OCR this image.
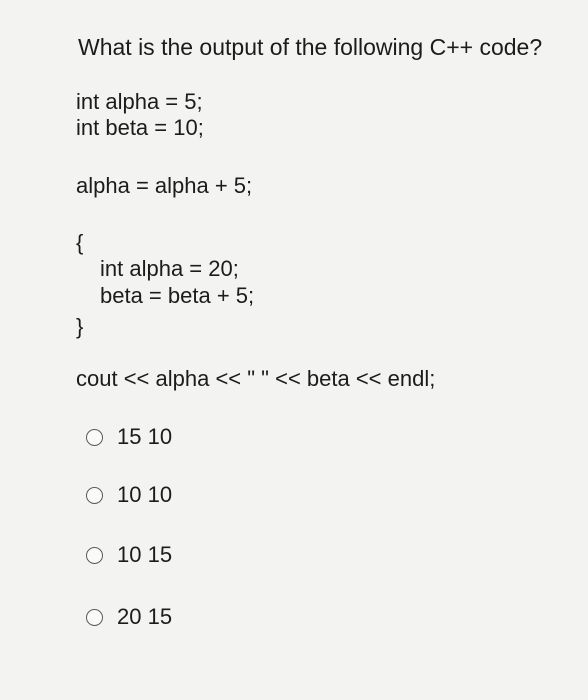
What is the output of the following C++ code?
int alpha = 5;
int beta = 10;
alpha = alpha + 5;
{
int alpha = 20;
beta = beta + 5;
}
cout << alpha << " " << beta << endl;
15 10
10 10
10 15
20 15
